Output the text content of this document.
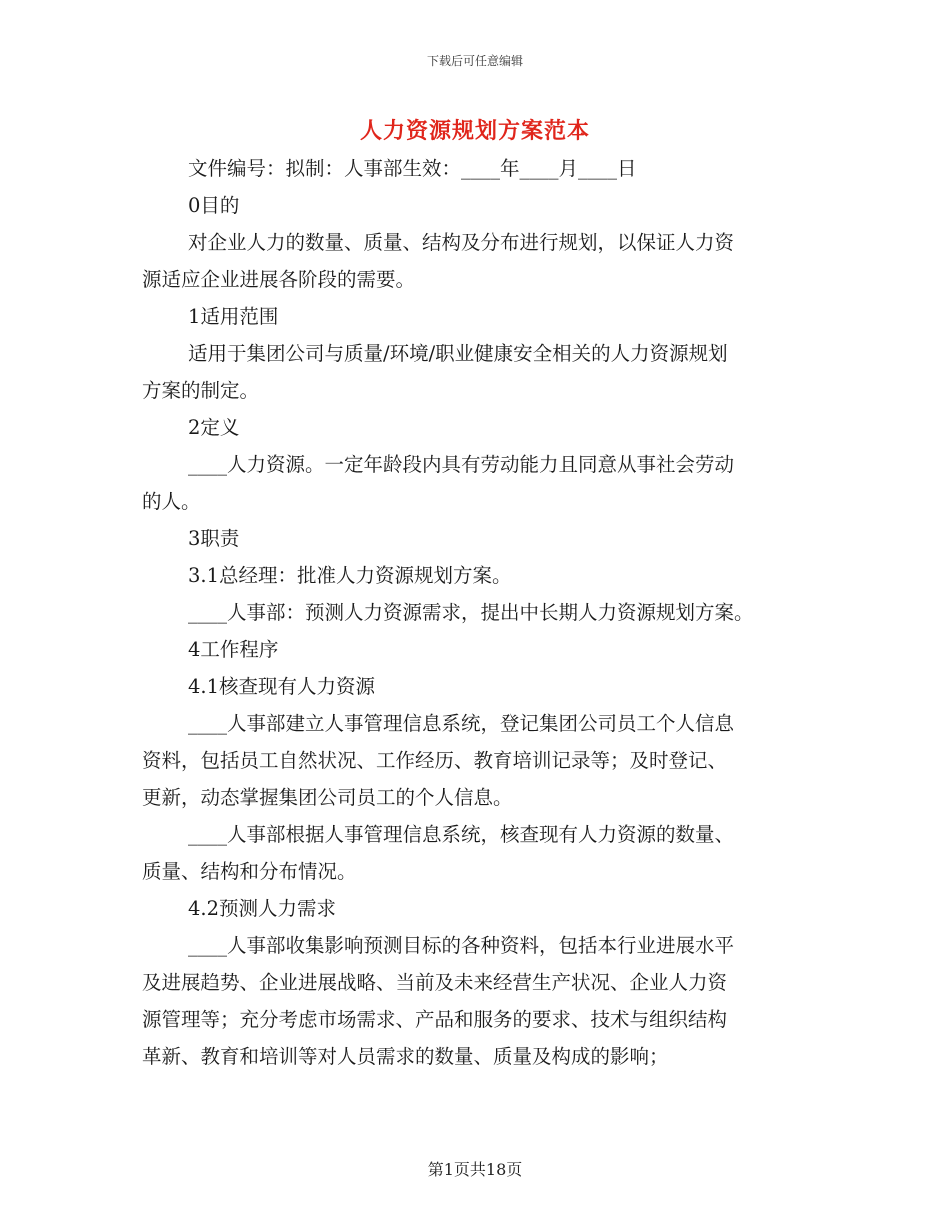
下载后可任意编辑
人力资源规划方案范本
文件编号：拟制：人事部生效：____年____月____日
0目的
对企业人力的数量、质量、结构及分布进行规划，以保证人力资
源适应企业进展各阶段的需要。
1适用范围
适用于集团公司与质量/环境/职业健康安全相关的人力资源规划
方案的制定。
2定义
____人力资源。一定年龄段内具有劳动能力且同意从事社会劳动
的人。
3职责
3.1总经理：批准人力资源规划方案。
____人事部：预测人力资源需求，提出中长期人力资源规划方案。
4工作程序
4.1核查现有人力资源
____人事部建立人事管理信息系统，登记集团公司员工个人信息
资料，包括员工自然状况、工作经历、教育培训记录等；及时登记、
更新，动态掌握集团公司员工的个人信息。
____人事部根据人事管理信息系统，核查现有人力资源的数量、
质量、结构和分布情况。
4.2预测人力需求
____人事部收集影响预测目标的各种资料，包括本行业进展水平
及进展趋势、企业进展战略、当前及未来经营生产状况、企业人力资
源管理等；充分考虑市场需求、产品和服务的要求、技术与组织结构
革新、教育和培训等对人员需求的数量、质量及构成的影响；
第1页共18页
